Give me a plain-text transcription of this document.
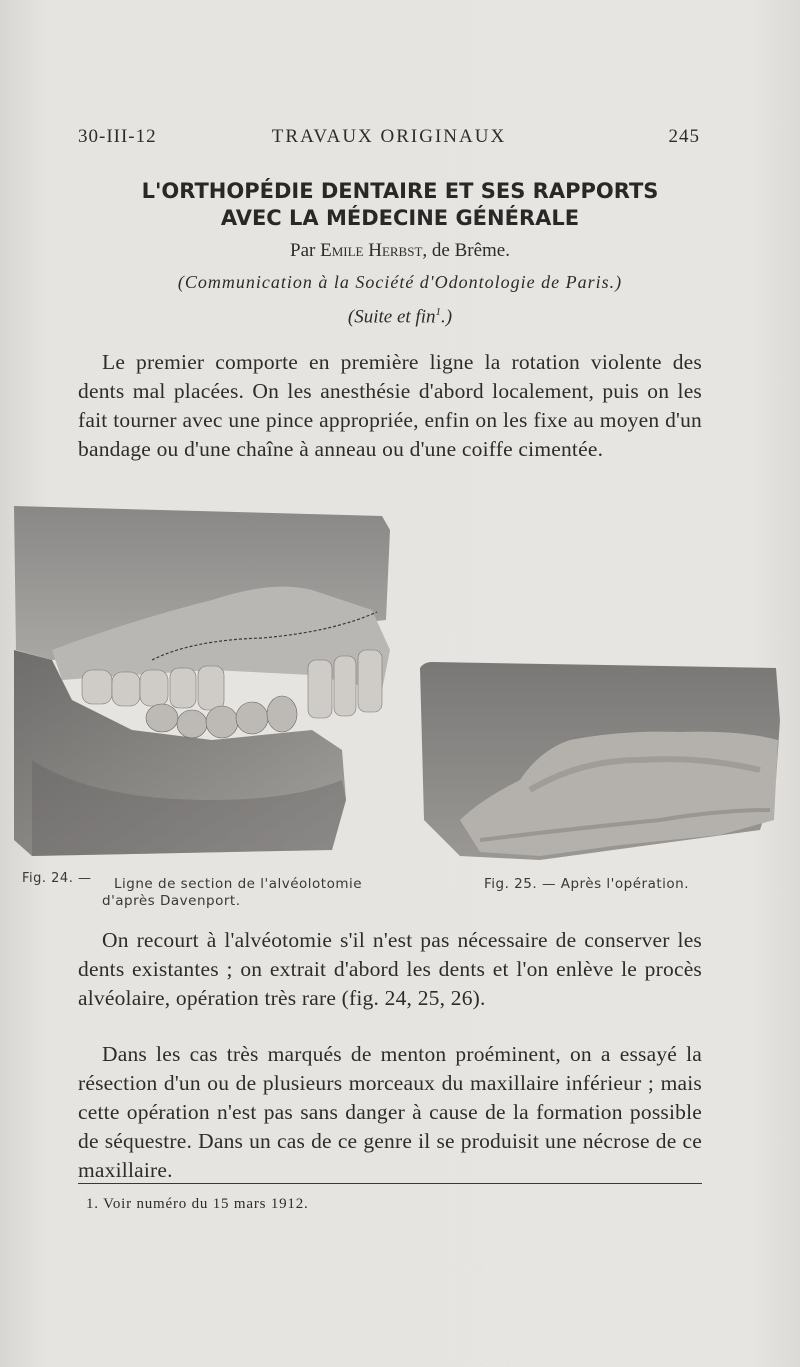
30-III-12	TRAVAUX ORIGINAUX	245
L'ORTHOPÉDIE DENTAIRE ET SES RAPPORTS
AVEC LA MÉDECINE GÉNÉRALE
Par Emile Herbst, de Brême.
(Communication à la Société d'Odontologie de Paris.)
(Suite et fin$^1$.)

Le premier comporte en première ligne la rotation violente des dents mal placées. On les anesthésie d'abord localement, puis on les fait tourner avec une pince appropriée, enfin on les fixe au moyen d'un bandage ou d'une chaîne à anneau ou d'une coiffe cimentée.

Fig. 24. —	Ligne de section de l'alvéolotomie
d'après Davenport.
Fig. 25. — Après l'opération.

On recourt à l'alvéotomie s'il n'est pas nécessaire de conserver les dents existantes ; on extrait d'abord les dents et l'on enlève le procès alvéolaire, opération très rare (fig. 24, 25, 26).

Dans les cas très marqués de menton proéminent, on a essayé la résection d'un ou de plusieurs morceaux du maxillaire inférieur ; mais cette opération n'est pas sans danger à cause de la formation possible de séquestre. Dans un cas de ce genre il se produisit une nécrose de ce maxillaire.

1. Voir numéro du 15 mars 1912.
